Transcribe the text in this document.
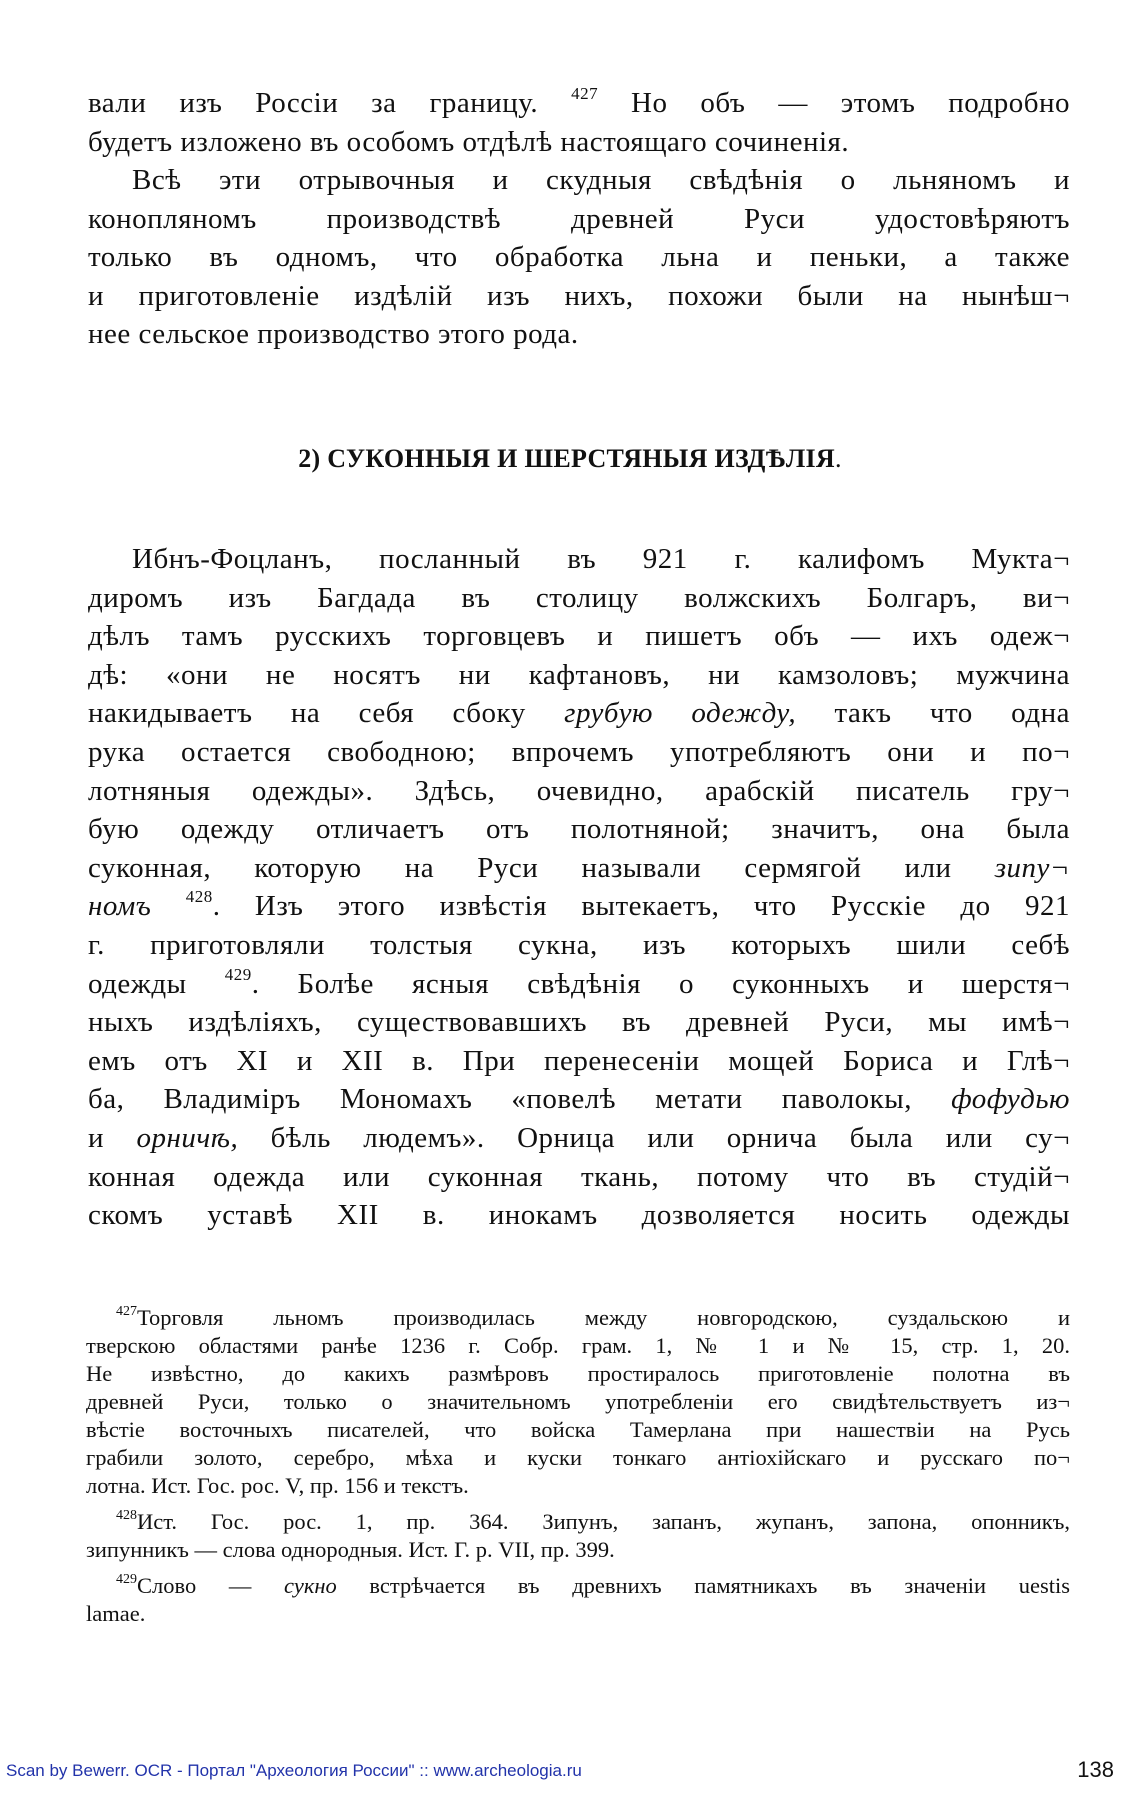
вали изъ Россіи за границу. $^{427}$ Но объ — этомъ подробно
будетъ изложено въ особомъ отдѣлѣ настоящаго сочиненія.
Всѣ эти отрывочныя и скудныя свѣдѣнія о льняномъ и
конопляномъ производствѣ древней Руси удостовѣряютъ
только въ одномъ, что обработка льна и пеньки, а также
и приготовленіе издѣлій изъ нихъ, похожи были на нынѣш¬
нее сельское производство этого рода.
2) СУКОННЫЯ И ШЕРСТЯНЫЯ ИЗДѢЛІЯ.
Ибнъ-Фоцланъ, посланный въ 921 г. калифомъ Мукта¬
диромъ изъ Багдада въ столицу волжскихъ Болгаръ, ви¬
дѣлъ тамъ русскихъ торговцевъ и пишетъ объ — ихъ одеж¬
дѣ: «они не носятъ ни кафтановъ, ни камзоловъ; мужчина
накидываетъ на себя сбоку грубую одежду, такъ что одна
рука остается свободною; впрочемъ употребляютъ они и по¬
лотняныя одежды». Здѣсь, очевидно, арабскій писатель гру¬
бую одежду отличаетъ отъ полотняной; значитъ, она была
суконная, которую на Руси называли сермягой или зипу¬
номъ $^{428}$. Изъ этого извѣстія вытекаетъ, что Русскіе до 921
г. приготовляли толстыя сукна, изъ которыхъ шили себѣ
одежды $^{429}$. Болѣе ясныя свѣдѣнія о суконныхъ и шерстя¬
ныхъ издѣліяхъ, существовавшихъ въ древней Руси, мы имѣ¬
емъ отъ XI и XII в. При перенесеніи мощей Бориса и Глѣ¬
ба, Владиміръ Мономахъ «повелѣ метати паволокы, фофудью
и орничѣ, бѣль людемъ». Орница или орнича была или су¬
конная одежда или суконная ткань, потому что въ студій¬
скомъ уставѣ XII в. инокамъ дозволяется носить одежды
$^{427}$Торговля льномъ производилась между новгородскою, суздальскою и
тверскою областями ранѣе 1236 г. Собр. грам. 1, № 1 и № 15, стр. 1, 20.
Не извѣстно, до какихъ размѣровъ простиралось приготовленіе полотна въ
древней Руси, только о значительномъ употребленіи его свидѣтельствуетъ из¬
вѣстіе восточныхъ писателей, что войска Тамерлана при нашествіи на Русь
грабили золото, серебро, мѣха и куски тонкаго антіохійскаго и русскаго по¬
лотна. Ист. Гос. рос. V, пр. 156 и текстъ.
$^{428}$Ист. Гос. рос. 1, пр. 364. Зипунъ, запанъ, жупанъ, запона, опонникъ,
зипунникъ — слова однородныя. Ист. Г. р. VII, пр. 399.
$^{429}$Слово — сукно встрѣчается въ древнихъ памятникахъ въ значеніи uestis
lamae.
Scan by Bewerr. OCR - Портал "Археология России" :: www.archeologia.ru	138
